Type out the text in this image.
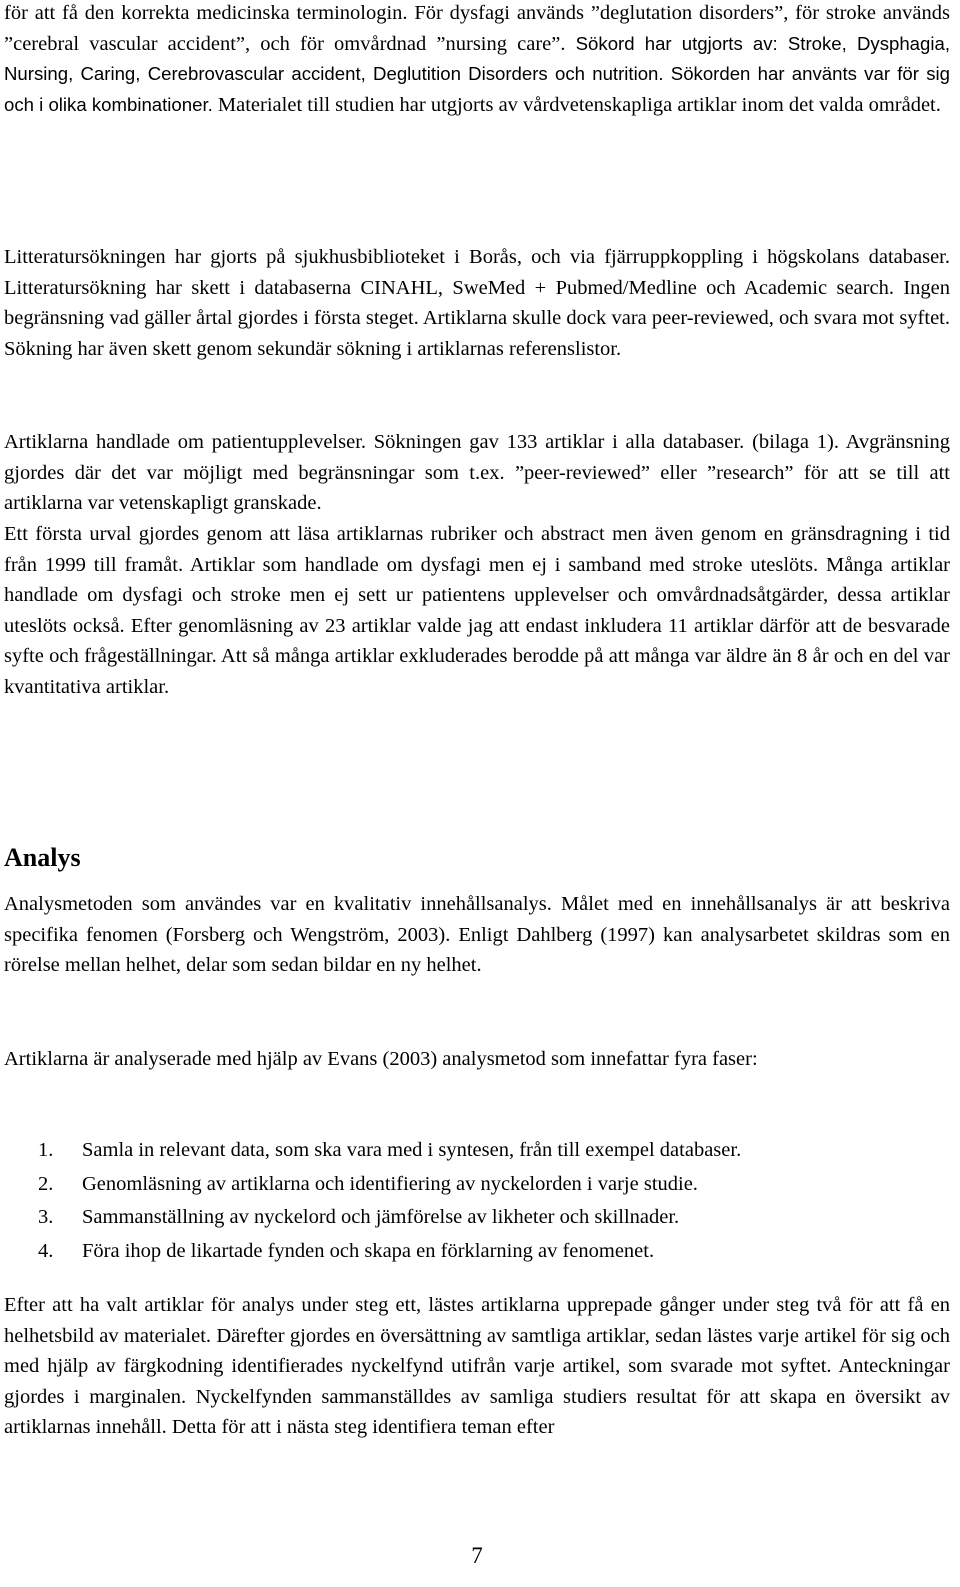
för att få den korrekta medicinska terminologin. För dysfagi används ”deglutation disorders”, för stroke används ”cerebral vascular accident”, och för omvårdnad ”nursing care”. Sökord har utgjorts av: Stroke, Dysphagia, Nursing, Caring, Cerebrovascular accident, Deglutition Disorders och nutrition. Sökorden har använts var för sig och i olika kombinationer. Materialet till studien har utgjorts av vårdvetenskapliga artiklar inom det valda området.

Litteratursökningen har gjorts på sjukhusbiblioteket i Borås, och via fjärruppkoppling i högskolans databaser. Litteratursökning har skett i databaserna CINAHL, SweMed + Pubmed/Medline och Academic search. Ingen begränsning vad gäller årtal gjordes i första steget. Artiklarna skulle dock vara peer-reviewed, och svara mot syftet. Sökning har även skett genom sekundär sökning i artiklarnas referenslistor.

Artiklarna handlade om patientupplevelser. Sökningen gav 133 artiklar i alla databaser. (bilaga 1). Avgränsning gjordes där det var möjligt med begränsningar som t.ex. ”peer-reviewed” eller ”research” för att se till att artiklarna var vetenskapligt granskade.

Ett första urval gjordes genom att läsa artiklarnas rubriker och abstract men även genom en gränsdragning i tid från 1999 till framåt. Artiklar som handlade om dysfagi men ej i samband med stroke uteslöts. Många artiklar handlade om dysfagi och stroke men ej sett ur patientens upplevelser och omvårdnadsåtgärder, dessa artiklar uteslöts också. Efter genomläsning av 23 artiklar valde jag att endast inkludera 11 artiklar därför att de besvarade syfte och frågeställningar. Att så många artiklar exkluderades berodde på att många var äldre än 8 år och en del var kvantitativa artiklar.

Analys

Analysmetoden som användes var en kvalitativ innehållsanalys. Målet med en innehållsanalys är att beskriva specifika fenomen (Forsberg och Wengström, 2003). Enligt Dahlberg (1997) kan analysarbetet skildras som en rörelse mellan helhet, delar som sedan bildar en ny helhet.

Artiklarna är analyserade med hjälp av Evans (2003) analysmetod som innefattar fyra faser:

1.	Samla in relevant data, som ska vara med i syntesen, från till exempel databaser.
2.	Genomläsning av artiklarna och identifiering av nyckelorden i varje studie.
3.	Sammanställning av nyckelord och jämförelse av likheter och skillnader.
4.	Föra ihop de likartade fynden och skapa en förklarning av fenomenet.

Efter att ha valt artiklar för analys under steg ett, lästes artiklarna upprepade gånger under steg två för att få en helhetsbild av materialet. Därefter gjordes en översättning av samtliga artiklar, sedan lästes varje artikel för sig och med hjälp av färgkodning identifierades nyckelfynd utifrån varje artikel, som svarade mot syftet. Anteckningar gjordes i marginalen. Nyckelfynden sammanställdes av samliga studiers resultat för att skapa en översikt av artiklarnas innehåll. Detta för att i nästa steg identifiera teman efter

7
